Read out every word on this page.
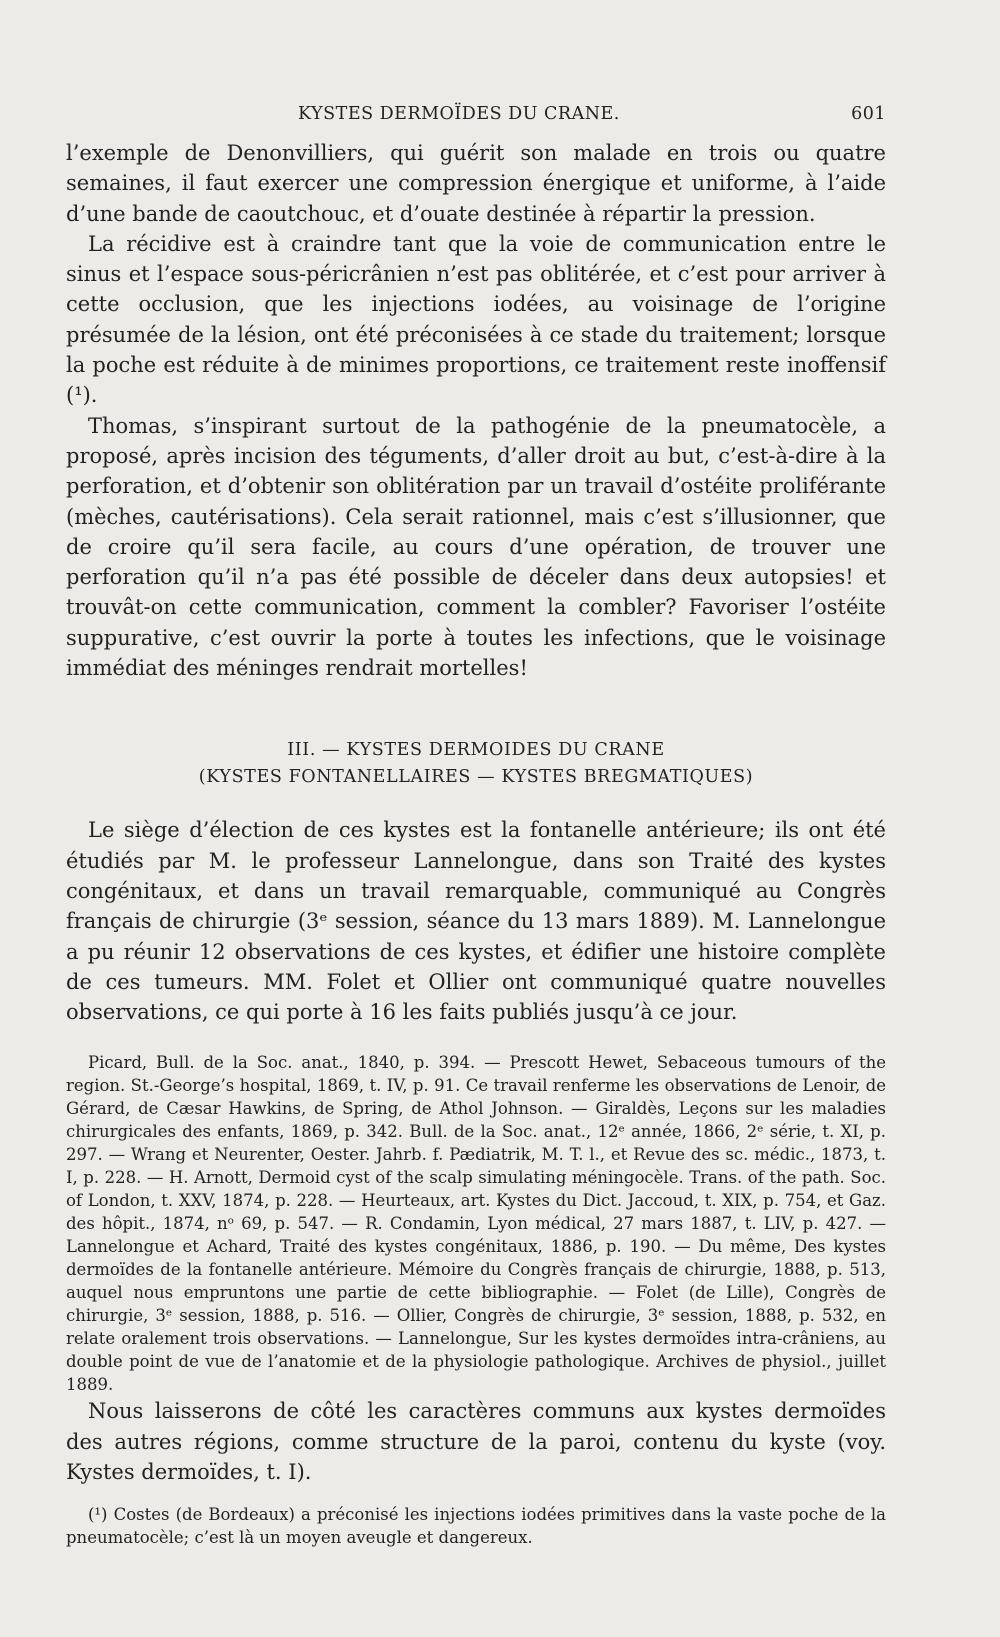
KYSTES DERMOÏDES DU CRANE.	601

l’exemple de Denonvilliers, qui guérit son malade en trois ou quatre semaines, il faut exercer une compression énergique et uniforme, à l’aide d’une bande de caoutchouc, et d’ouate destinée à répartir la pression.

La récidive est à craindre tant que la voie de communication entre le sinus et l’espace sous-péricrânien n’est pas oblitérée, et c’est pour arriver à cette occlusion, que les injections iodées, au voisinage de l’origine présumée de la lésion, ont été préconisées à ce stade du traitement; lorsque la poche est réduite à de minimes proportions, ce traitement reste inoffensif (¹).

Thomas, s’inspirant surtout de la pathogénie de la pneumatocèle, a proposé, après incision des téguments, d’aller droit au but, c’est-à-dire à la perforation, et d’obtenir son oblitération par un travail d’ostéite proliférante (mèches, cautérisations). Cela serait rationnel, mais c’est s’illusionner, que de croire qu’il sera facile, au cours d’une opération, de trouver une perforation qu’il n’a pas été possible de déceler dans deux autopsies! et trouvât-on cette communication, comment la combler? Favoriser l’ostéite suppurative, c’est ouvrir la porte à toutes les infections, que le voisinage immédiat des méninges rendrait mortelles!

III. — KYSTES DERMOIDES DU CRANE
(KYSTES FONTANELLAIRES — KYSTES BREGMATIQUES)

Le siège d’élection de ces kystes est la fontanelle antérieure; ils ont été étudiés par M. le professeur Lannelongue, dans son Traité des kystes congénitaux, et dans un travail remarquable, communiqué au Congrès français de chirurgie (3ᵉ session, séance du 13 mars 1889). M. Lannelongue a pu réunir 12 observations de ces kystes, et édifier une histoire complète de ces tumeurs. MM. Folet et Ollier ont communiqué quatre nouvelles observations, ce qui porte à 16 les faits publiés jusqu’à ce jour.

Picard, Bull. de la Soc. anat., 1840, p. 394. — Prescott Hewet, Sebaceous tumours of the region. St.-George’s hospital, 1869, t. IV, p. 91. Ce travail renferme les observations de Lenoir, de Gérard, de Cæsar Hawkins, de Spring, de Athol Johnson. — Giraldès, Leçons sur les maladies chirurgicales des enfants, 1869, p. 342. Bull. de la Soc. anat., 12ᵉ année, 1866, 2ᵉ série, t. XI, p. 297. — Wrang et Neurenter, Oester. Jahrb. f. Pædiatrik, M. T. l., et Revue des sc. médic., 1873, t. I, p. 228. — H. Arnott, Dermoid cyst of the scalp simulating méningocèle. Trans. of the path. Soc. of London, t. XXV, 1874, p. 228. — Heurteaux, art. Kystes du Dict. Jaccoud, t. XIX, p. 754, et Gaz. des hôpit., 1874, nᵒ 69, p. 547. — R. Condamin, Lyon médical, 27 mars 1887, t. LIV, p. 427. — Lannelongue et Achard, Traité des kystes congénitaux, 1886, p. 190. — Du même, Des kystes dermoïdes de la fontanelle antérieure. Mémoire du Congrès français de chirurgie, 1888, p. 513, auquel nous empruntons une partie de cette bibliographie. — Folet (de Lille), Congrès de chirurgie, 3ᵉ session, 1888, p. 516. — Ollier, Congrès de chirurgie, 3ᵉ session, 1888, p. 532, en relate oralement trois observations. — Lannelongue, Sur les kystes dermoïdes intra-crâniens, au double point de vue de l’anatomie et de la physiologie pathologique. Archives de physiol., juillet 1889.

Nous laisserons de côté les caractères communs aux kystes dermoïdes des autres régions, comme structure de la paroi, contenu du kyste (voy. Kystes dermoïdes, t. I).

(¹) Costes (de Bordeaux) a préconisé les injections iodées primitives dans la vaste poche de la pneumatocèle; c’est là un moyen aveugle et dangereux.
